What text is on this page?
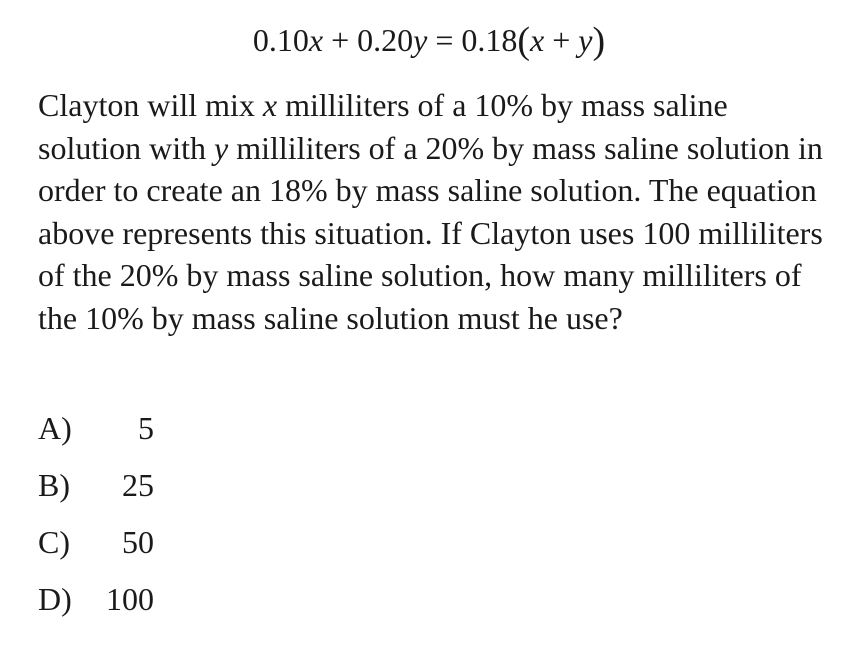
0.10x + 0.20y = 0.18(x + y)
Clayton will mix x milliliters of a 10% by mass saline solution with y milliliters of a 20% by mass saline solution in order to create an 18% by mass saline solution. The equation above represents this situation. If Clayton uses 100 milliliters of the 20% by mass saline solution, how many milliliters of the 10% by mass saline solution must he use?
A) 5
B) 25
C) 50
D) 100
